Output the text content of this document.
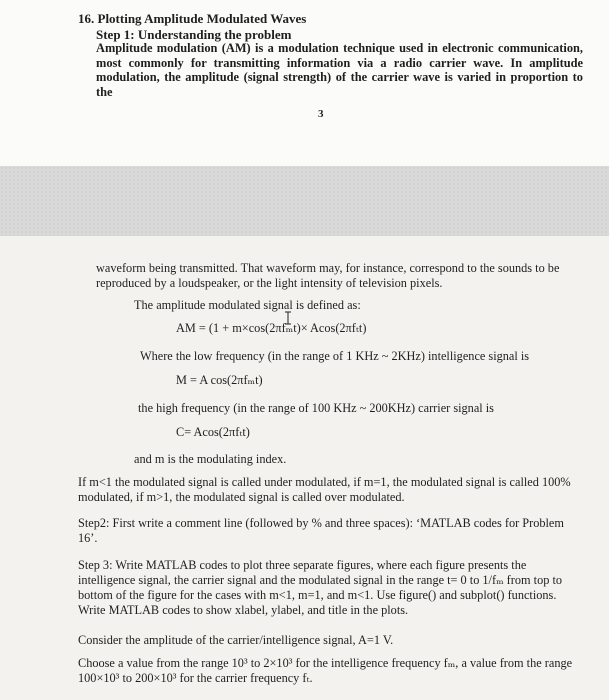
16. Plotting Amplitude Modulated Waves
Step 1: Understanding the problem
Amplitude modulation (AM) is a modulation technique used in electronic communication, most commonly for transmitting information via a radio carrier wave. In amplitude modulation, the amplitude (signal strength) of the carrier wave is varied in proportion to the
3
waveform being transmitted. That waveform may, for instance, correspond to the sounds to be
reproduced by a loudspeaker, or the light intensity of television pixels.
The amplitude modulated signal is defined as:
AM = (1 + m×cos(2πfₘt)× Acos(2πfₜt)
Where the low frequency (in the range of 1 KHz ~ 2KHz) intelligence signal is
M = A cos(2πfₘt)
the high frequency (in the range of 100 KHz ~ 200KHz) carrier signal is
C= Acos(2πfₜt)
and m is the modulating index.
If m<1 the modulated signal is called under modulated, if m=1, the modulated signal is called 100% modulated, if m>1, the modulated signal is called over modulated.
Step2: First write a comment line (followed by % and three spaces): ‘MATLAB codes for Problem 16’.
Step 3: Write MATLAB codes to plot three separate figures, where each figure presents the intelligence signal, the carrier signal and the modulated signal in the range t= 0 to 1/fₘ from top to bottom of the figure for the cases with m<1, m=1, and m<1. Use figure() and subplot() functions. Write MATLAB codes to show xlabel, ylabel, and title in the plots.
Consider the amplitude of the carrier/intelligence signal, A=1 V.
Choose a value from the range 10³ to 2×10³ for the intelligence frequency fₘ, a value from the range 100×10³ to 200×10³ for the carrier frequency fₜ.
